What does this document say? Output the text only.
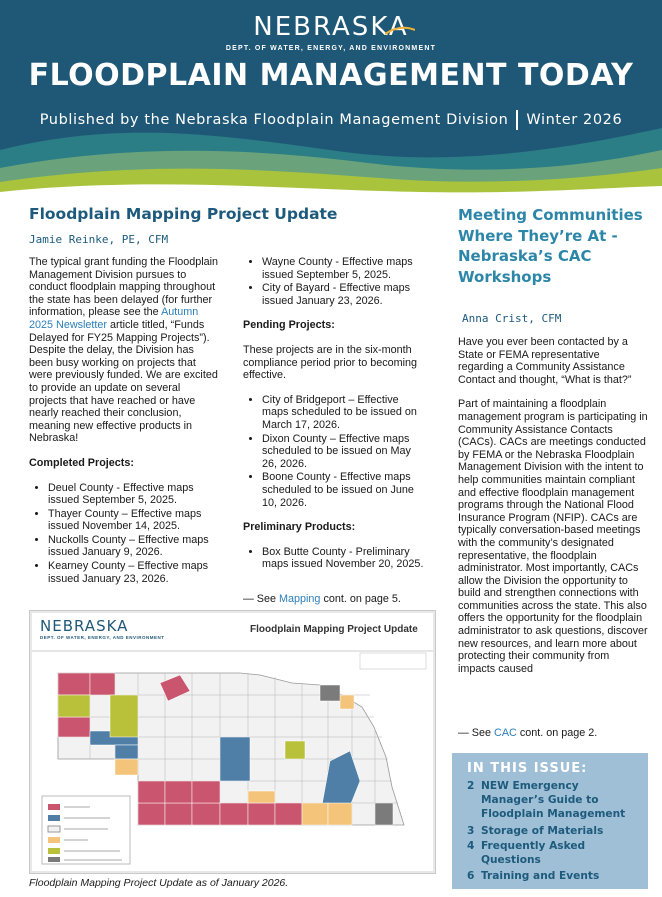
NEBRASKA
DEPT. OF WATER, ENERGY, AND ENVIRONMENT
FLOODPLAIN MANAGEMENT TODAY
Published by the Nebraska Floodplain Management Division Winter 2026
Floodplain Mapping Project Update
Jamie Reinke, PE, CFM

The typical grant funding the Floodplain Management Division pursues to conduct floodplain mapping throughout the state has been delayed (for further information, please see the Autumn 2025 Newsletter article titled, “Funds Delayed for FY25 Mapping Projects”). Despite the delay, the Division has been busy working on projects that were previously funded. We are excited to provide an update on several projects that have reached or have nearly reached their conclusion, meaning new effective products in Nebraska!

Completed Projects:
• Deuel County - Effective maps issued September 5, 2025.
• Thayer County – Effective maps issued November 14, 2025.
• Nuckolls County – Effective maps issued January 9, 2026.
• Kearney County – Effective maps issued January 23, 2026.
• Wayne County - Effective maps issued September 5, 2025.
• City of Bayard - Effective maps issued January 23, 2026.
Pending Projects:

These projects are in the six-month compliance period prior to becoming effective.

• City of Bridgeport – Effective maps scheduled to be issued on March 17, 2026.
• Dixon County – Effective maps scheduled to be issued on May 26, 2026.
• Boone County - Effective maps scheduled to be issued on June 10, 2026.
Preliminary Products:
• Box Butte County - Preliminary maps issued November 20, 2025.
— See Mapping cont. on page 5.
NEBRASKA
DEPT. OF WATER, ENERGY, AND ENVIRONMENT
Floodplain Mapping Project Update
Floodplain Mapping Project Update as of January 2026.
Meeting Communities Where They’re At - Nebraska’s CAC Workshops
Anna Crist, CFM

Have you ever been contacted by a State or FEMA representative regarding a Community Assistance Contact and thought, “What is that?”

Part of maintaining a floodplain management program is participating in Community Assistance Contacts (CACs). CACs are meetings conducted by FEMA or the Nebraska Floodplain Management Division with the intent to help communities maintain compliant and effective floodplain management programs through the National Flood Insurance Program (NFIP). CACs are typically conversation-based meetings with the community’s designated representative, the floodplain administrator. Most importantly, CACs allow the Division the opportunity to build and strengthen connections with communities across the state. This also offers the opportunity for the floodplain administrator to ask questions, discover new resources, and learn more about protecting their community from impacts caused

— See CAC cont. on page 2.
IN THIS ISSUE:
2 NEW Emergency Manager’s Guide to Floodplain Management
3 Storage of Materials
4 Frequently Asked Questions
6 Training and Events
